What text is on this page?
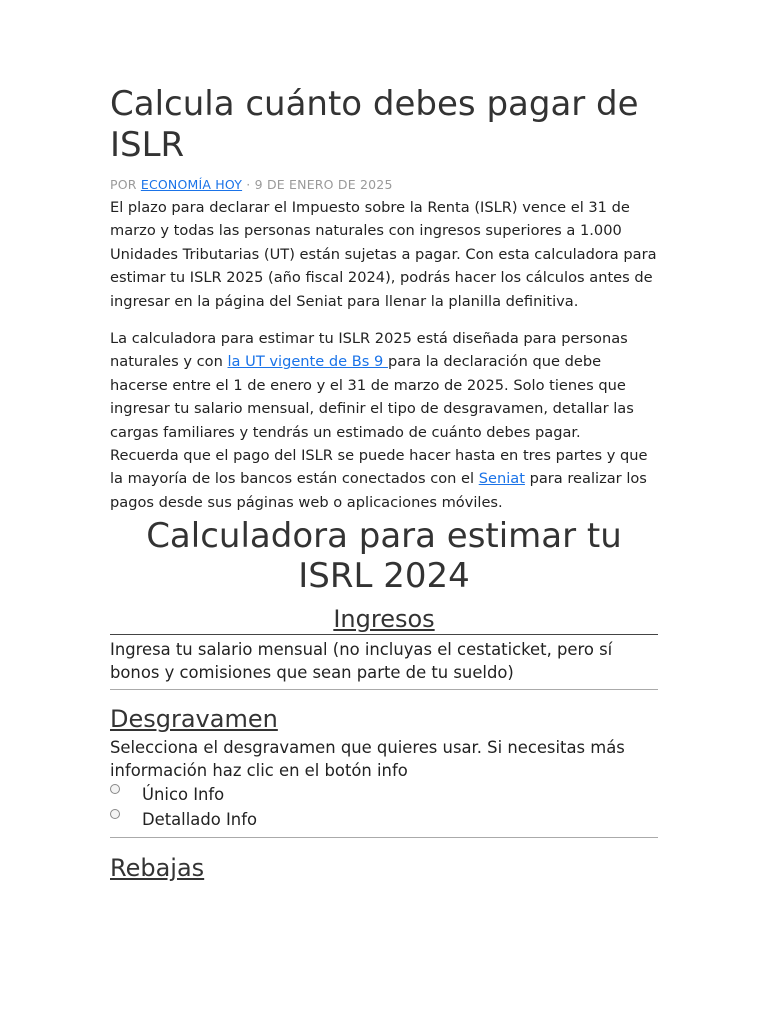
Calcula cuánto debes pagar de ISLR
POR ECONOMÍA HOY · 9 DE ENERO DE 2025

El plazo para declarar el Impuesto sobre la Renta (ISLR) vence el 31 de marzo y todas las personas naturales con ingresos superiores a 1.000 Unidades Tributarias (UT) están sujetas a pagar. Con esta calculadora para estimar tu ISLR 2025 (año fiscal 2024), podrás hacer los cálculos antes de ingresar en la página del Seniat para llenar la planilla definitiva.

La calculadora para estimar tu ISLR 2025 está diseñada para personas naturales y con la UT vigente de Bs 9 para la declaración que debe hacerse entre el 1 de enero y el 31 de marzo de 2025. Solo tienes que ingresar tu salario mensual, definir el tipo de desgravamen, detallar las cargas familiares y tendrás un estimado de cuánto debes pagar.

Recuerda que el pago del ISLR se puede hacer hasta en tres partes y que la mayoría de los bancos están conectados con el Seniat para realizar los pagos desde sus páginas web o aplicaciones móviles.

Calculadora para estimar tu ISRL 2024
Ingresos

Ingresa tu salario mensual (no incluyas el cestaticket, pero sí bonos y comisiones que sean parte de tu sueldo)

Desgravamen

Selecciona el desgravamen que quieres usar. Si necesitas más información haz clic en el botón info

Único Info
Detallado Info
Rebajas
